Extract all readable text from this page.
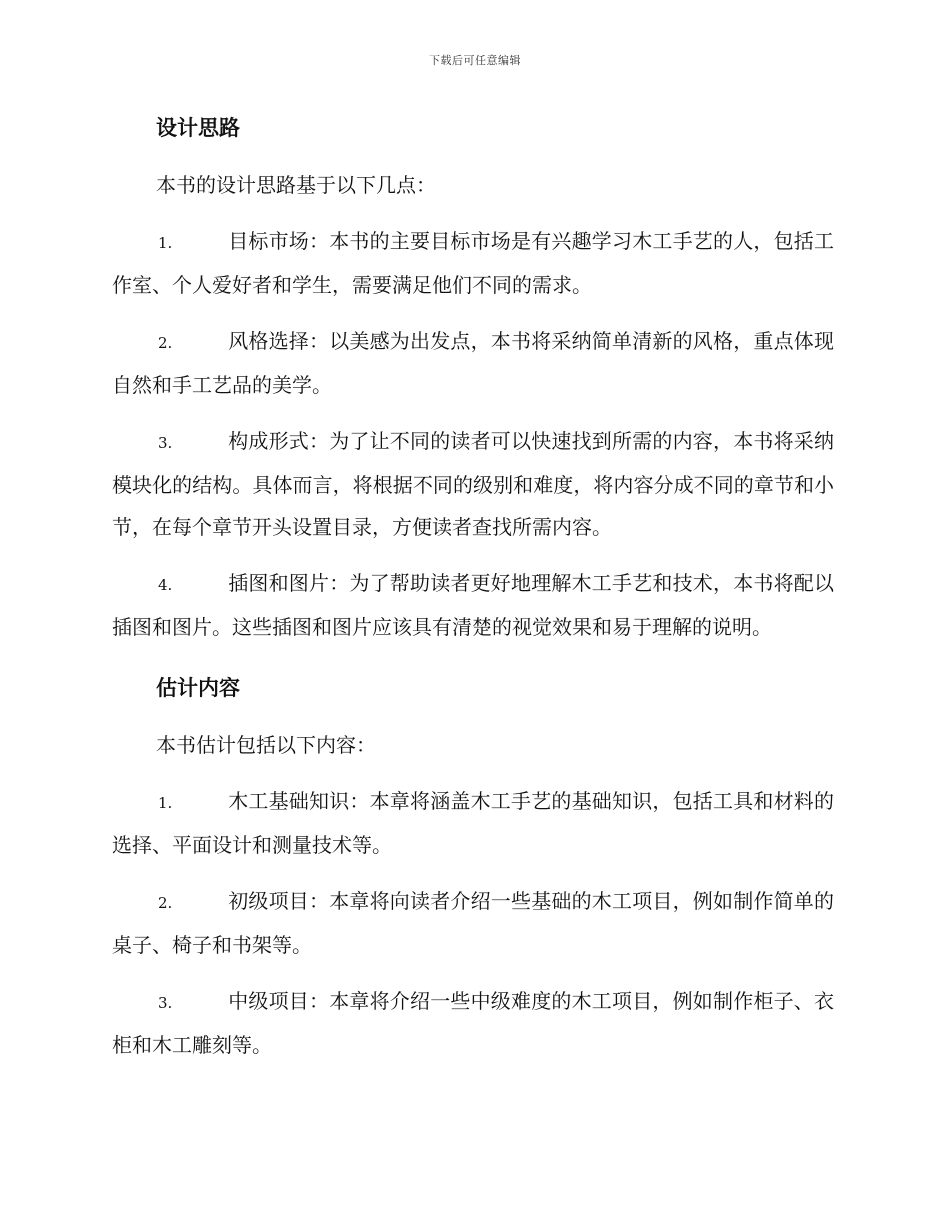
下载后可任意编辑
设计思路
本书的设计思路基于以下几点：
1.	目标市场：本书的主要目标市场是有兴趣学习木工手艺的人，包括工作室、个人爱好者和学生，需要满足他们不同的需求。
2.	风格选择：以美感为出发点，本书将采纳简单清新的风格，重点体现自然和手工艺品的美学。
3.	构成形式：为了让不同的读者可以快速找到所需的内容，本书将采纳模块化的结构。具体而言，将根据不同的级别和难度，将内容分成不同的章节和小节，在每个章节开头设置目录，方便读者查找所需内容。
4.	插图和图片：为了帮助读者更好地理解木工手艺和技术，本书将配以插图和图片。这些插图和图片应该具有清楚的视觉效果和易于理解的说明。
估计内容
本书估计包括以下内容：
1.	木工基础知识：本章将涵盖木工手艺的基础知识，包括工具和材料的选择、平面设计和测量技术等。
2.	初级项目：本章将向读者介绍一些基础的木工项目，例如制作简单的桌子、椅子和书架等。
3.	中级项目：本章将介绍一些中级难度的木工项目，例如制作柜子、衣柜和木工雕刻等。
